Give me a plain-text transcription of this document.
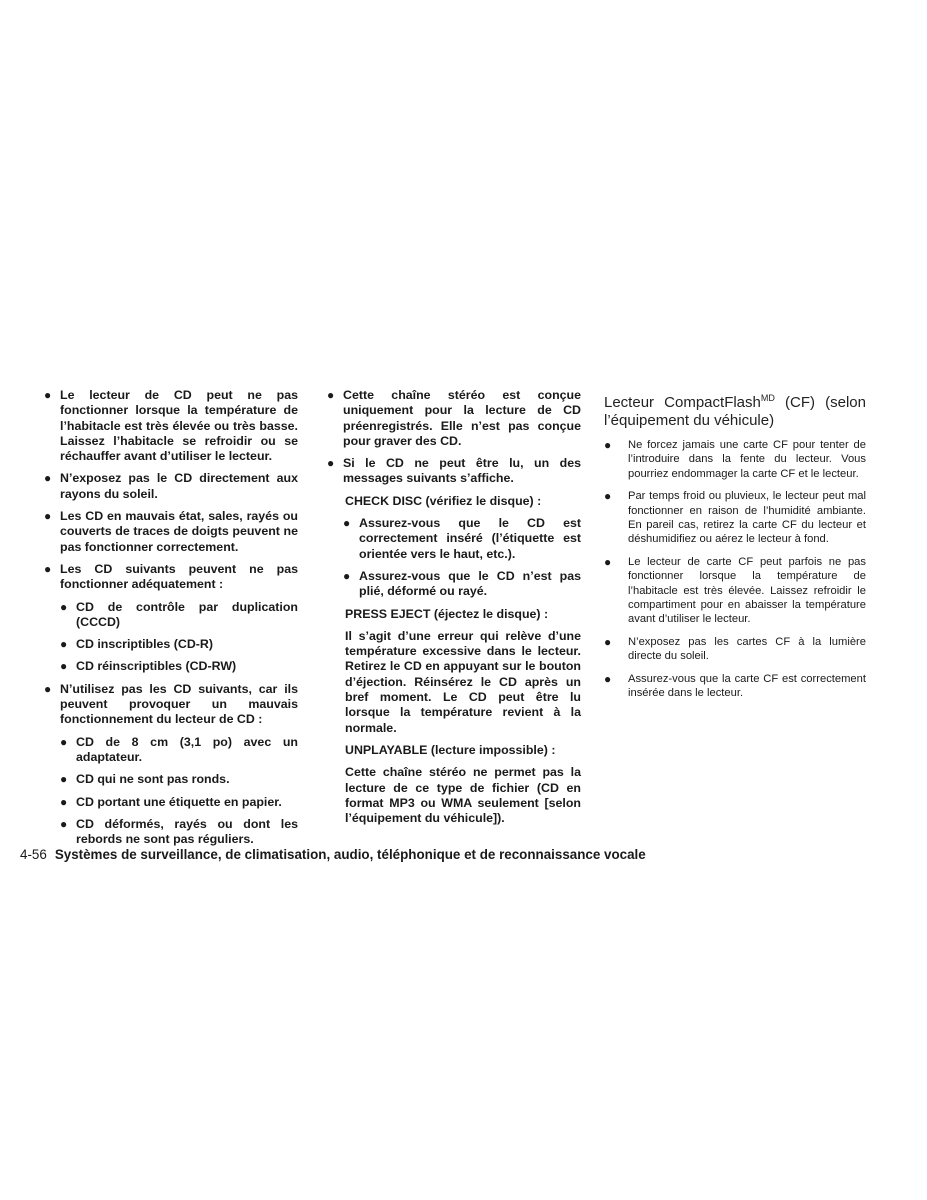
● Le lecteur de CD peut ne pas fonctionner lorsque la température de l’habitacle est très élevée ou très basse. Laissez l’habitacle se refroidir ou se réchauffer avant d’utiliser le lecteur.
● N’exposez pas le CD directement aux rayons du soleil.
● Les CD en mauvais état, sales, rayés ou couverts de traces de doigts peuvent ne pas fonctionner correctement.
● Les CD suivants peuvent ne pas fonctionner adéquatement :
● CD de contrôle par duplication (CCCD)
● CD inscriptibles (CD-R)
● CD réinscriptibles (CD-RW)
● N’utilisez pas les CD suivants, car ils peuvent provoquer un mauvais fonctionnement du lecteur de CD :
● CD de 8 cm (3,1 po) avec un adaptateur.
● CD qui ne sont pas ronds.
● CD portant une étiquette en papier.
● CD déformés, rayés ou dont les rebords ne sont pas réguliers.
● Cette chaîne stéréo est conçue uniquement pour la lecture de CD préenregistrés. Elle n’est pas conçue pour graver des CD.
● Si le CD ne peut être lu, un des messages suivants s’affiche.
CHECK DISC (vérifiez le disque) :
● Assurez-vous que le CD est correctement inséré (l’étiquette est orientée vers le haut, etc.).
● Assurez-vous que le CD n’est pas plié, déformé ou rayé.
PRESS EJECT (éjectez le disque) :
Il s’agit d’une erreur qui relève d’une température excessive dans le lecteur. Retirez le CD en appuyant sur le bouton d’éjection. Réinsérez le CD après un bref moment. Le CD peut être lu lorsque la température revient à la normale.
UNPLAYABLE (lecture impossible) :
Cette chaîne stéréo ne permet pas la lecture de ce type de fichier (CD en format MP3 ou WMA seulement [selon l’équipement du véhicule]).
Lecteur CompactFlash$^{MD}$ (CF) (selon l’équipement du véhicule)
● Ne forcez jamais une carte CF pour tenter de l’introduire dans la fente du lecteur. Vous pourriez endommager la carte CF et le lecteur.
● Par temps froid ou pluvieux, le lecteur peut mal fonctionner en raison de l’humidité ambiante. En pareil cas, retirez la carte CF du lecteur et déshumidifiez ou aérez le lecteur à fond.
● Le lecteur de carte CF peut parfois ne pas fonctionner lorsque la température de l’habitacle est très élevée. Laissez refroidir le compartiment pour en abaisser la température avant d’utiliser le lecteur.
● N’exposez pas les cartes CF à la lumière directe du soleil.
● Assurez-vous que la carte CF est correctement insérée dans le lecteur.
4-56 Systèmes de surveillance, de climatisation, audio, téléphonique et de reconnaissance vocale
